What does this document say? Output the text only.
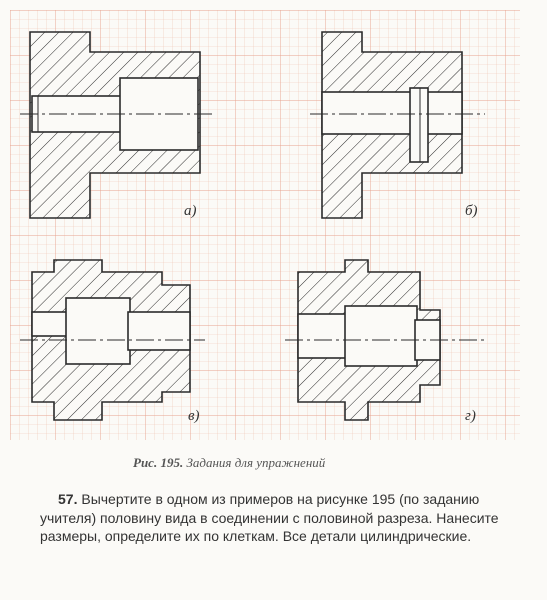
а)	б)
в)	г)
Рис. 195. Задания для упражнений
57. Вычертите в одном из примеров на рисунке 195 (по заданию учителя) половину вида в соединении с половиной разреза. Нанесите размеры, определите их по клеткам. Все детали цилиндрические.
